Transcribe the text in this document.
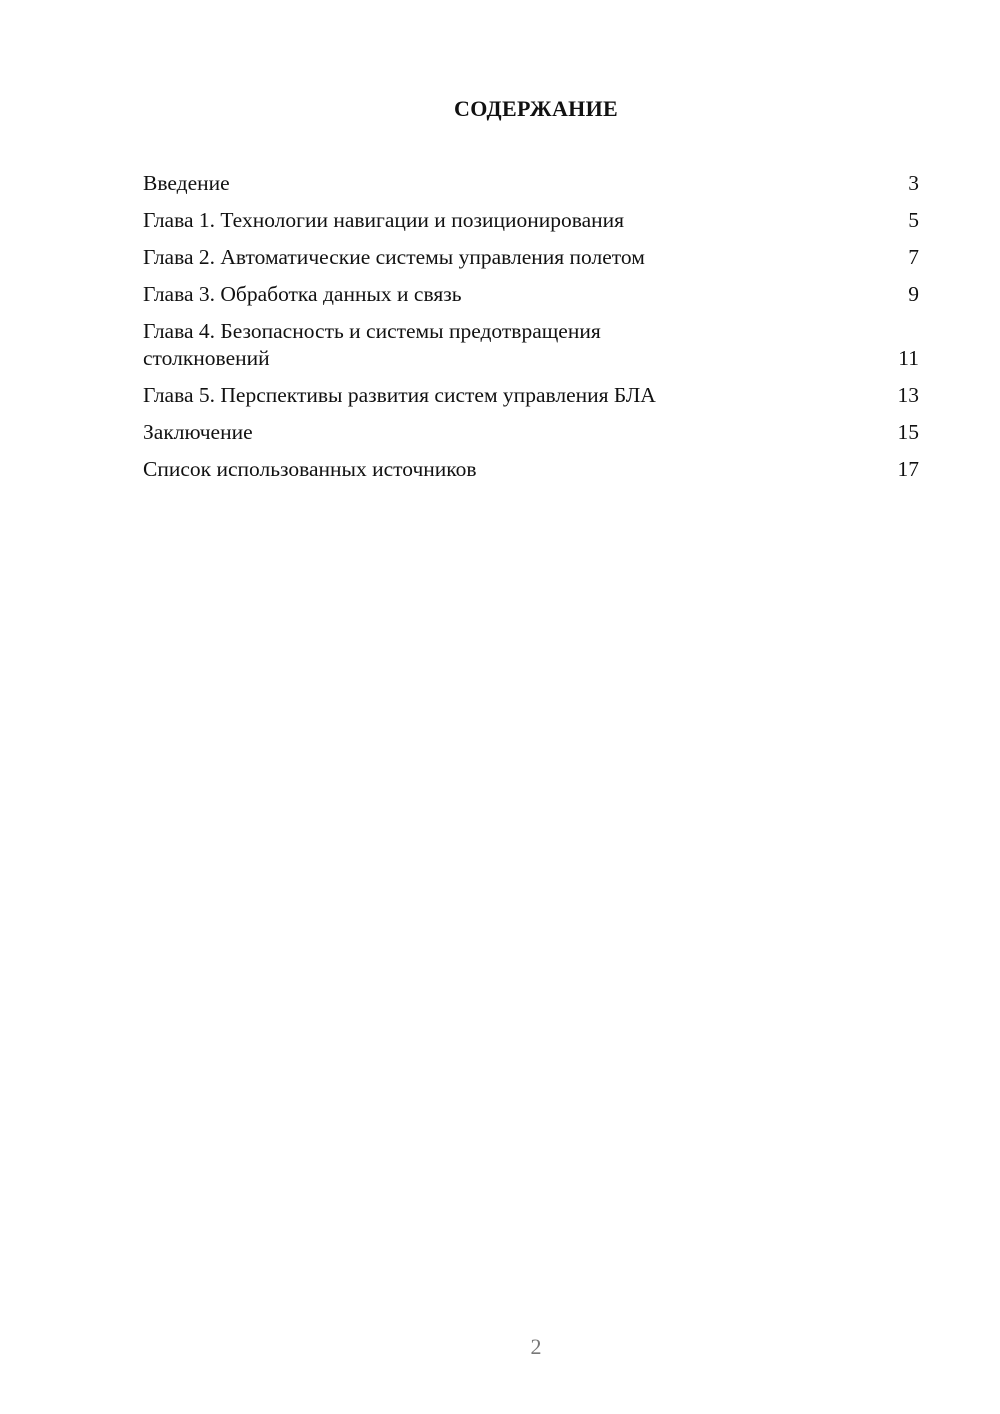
СОДЕРЖАНИЕ
Введение	3
Глава 1. Технологии навигации и позиционирования	5
Глава 2. Автоматические системы управления полетом	7
Глава 3. Обработка данных и связь	9
Глава 4. Безопасность и системы предотвращения столкновений	11
Глава 5. Перспективы развития систем управления БЛА	13
Заключение	15
Список использованных источников	17
2
